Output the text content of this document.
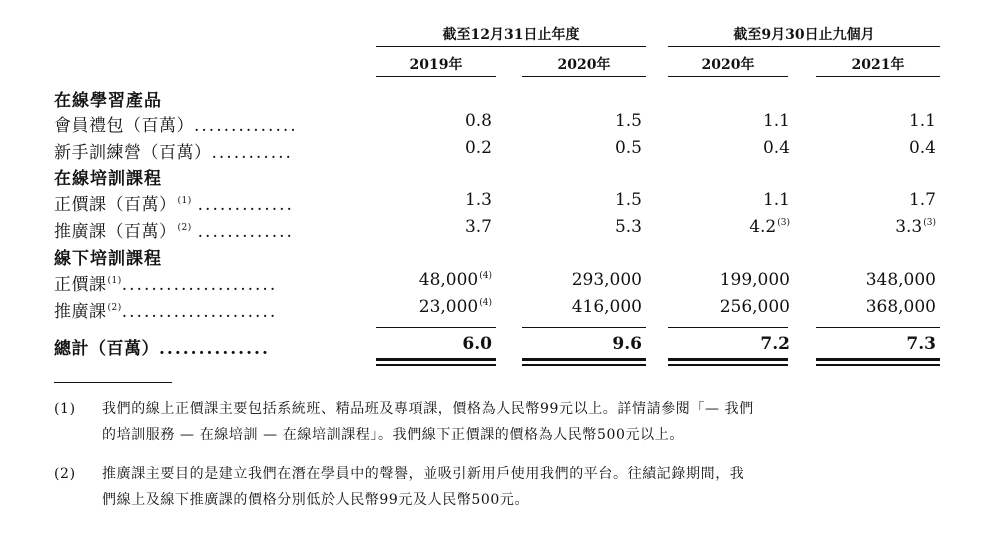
截至12月31日止年度	截至9月30日止九個月
2019年	2020年	2020年	2021年
在線學習產品
會員禮包（百萬）..............	0.8	1.5	1.1	1.1
新手訓練營（百萬）...........	0.2	0.5	0.4	0.4
在線培訓課程
正價課（百萬）$^{(1)}$ .............	1.3	1.5	1.1	1.7
推廣課（百萬）$^{(2)}$ .............	3.7	5.3	4.2$^{(3)}$	3.3$^{(3)}$
線下培訓課程
正價課$^{(1)}$.....................	48,000$^{(4)}$	293,000	199,000	348,000
推廣課$^{(2)}$.....................	23,000$^{(4)}$	416,000	256,000	368,000
總計（百萬）..............	6.0	9.6	7.2	7.3
(1) 我們的線上正價課主要包括系統班、精品班及專項課，價格為人民幣99元以上。詳情請參閱「— 我們
的培訓服務 — 在線培訓 — 在線培訓課程」。我們線下正價課的價格為人民幣500元以上。
(2) 推廣課主要目的是建立我們在潛在學員中的聲譽，並吸引新用戶使用我們的平台。往績記錄期間，我
們線上及線下推廣課的價格分別低於人民幣99元及人民幣500元。
